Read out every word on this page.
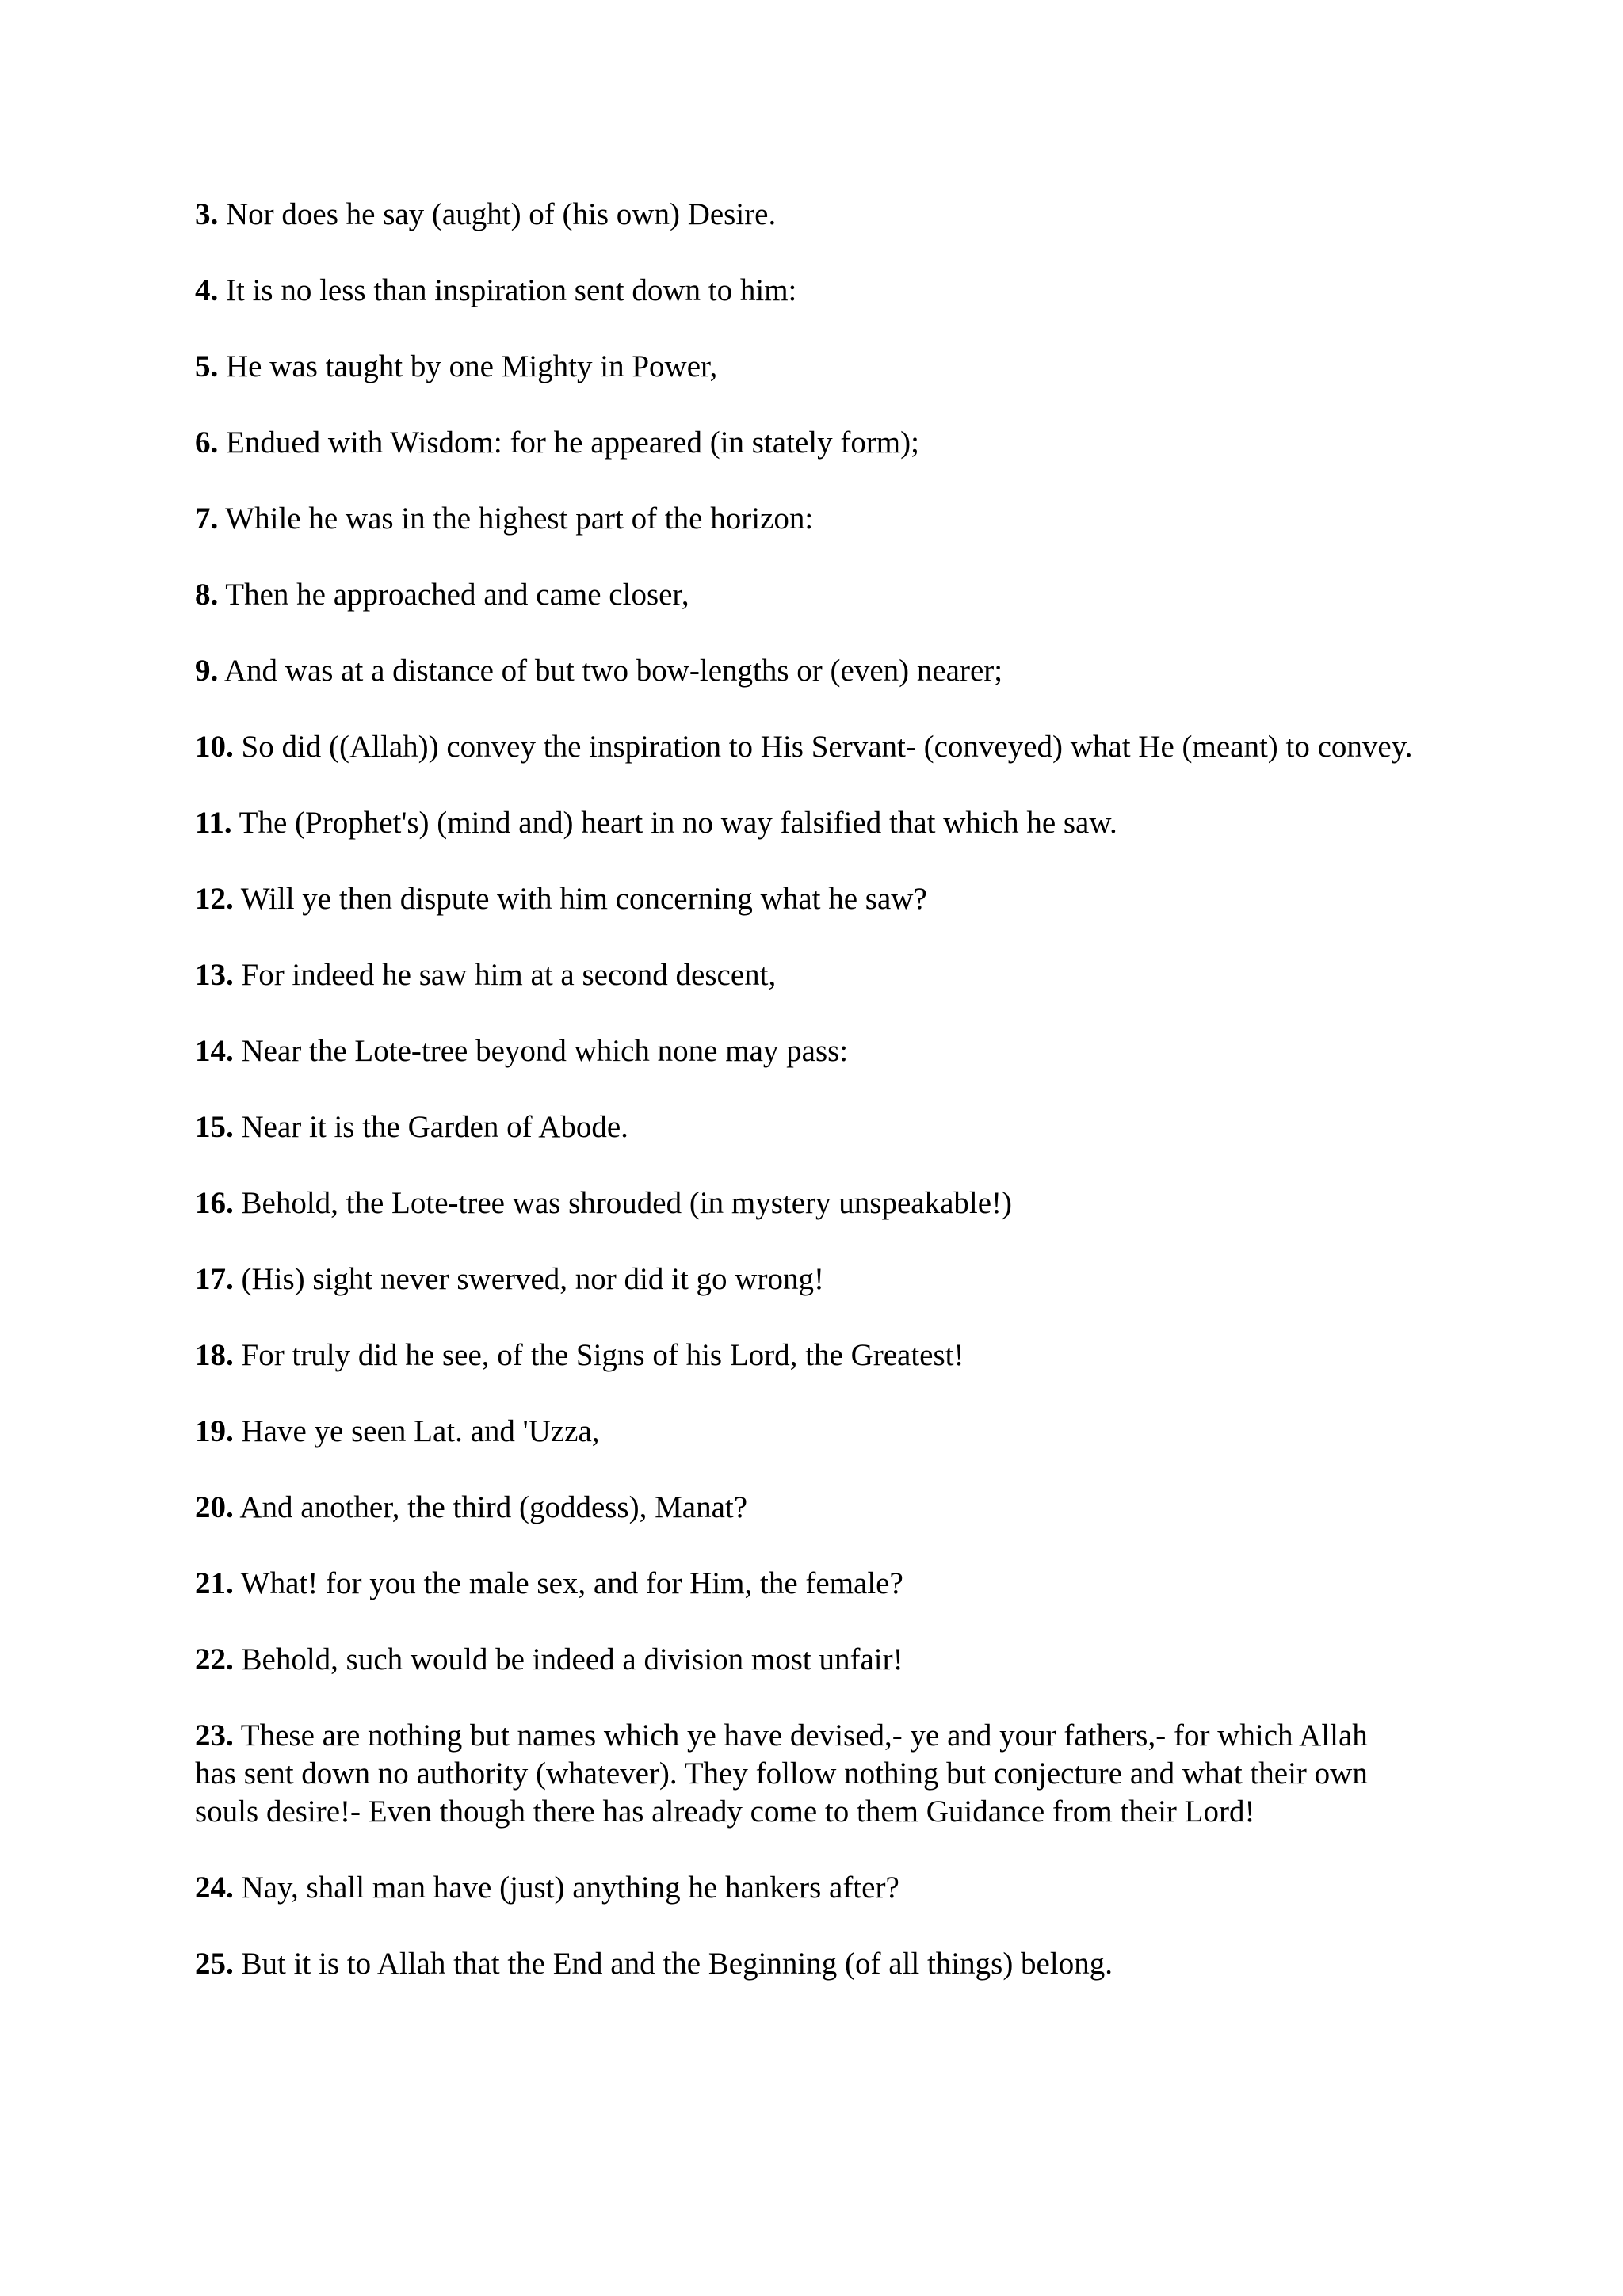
3. Nor does he say (aught) of (his own) Desire.

4. It is no less than inspiration sent down to him:

5. He was taught by one Mighty in Power,

6. Endued with Wisdom: for he appeared (in stately form);

7. While he was in the highest part of the horizon:

8. Then he approached and came closer,

9. And was at a distance of but two bow-lengths or (even) nearer;

10. So did ((Allah)) convey the inspiration to His Servant- (conveyed) what He (meant) to convey.

11. The (Prophet's) (mind and) heart in no way falsified that which he saw.

12. Will ye then dispute with him concerning what he saw?

13. For indeed he saw him at a second descent,

14. Near the Lote-tree beyond which none may pass:

15. Near it is the Garden of Abode.

16. Behold, the Lote-tree was shrouded (in mystery unspeakable!)

17. (His) sight never swerved, nor did it go wrong!

18. For truly did he see, of the Signs of his Lord, the Greatest!

19. Have ye seen Lat. and 'Uzza,

20. And another, the third (goddess), Manat?

21. What! for you the male sex, and for Him, the female?

22. Behold, such would be indeed a division most unfair!

23. These are nothing but names which ye have devised,- ye and your fathers,- for which Allah has sent down no authority (whatever). They follow nothing but conjecture and what their own souls desire!- Even though there has already come to them Guidance from their Lord!

24. Nay, shall man have (just) anything he hankers after?

25. But it is to Allah that the End and the Beginning (of all things) belong.
